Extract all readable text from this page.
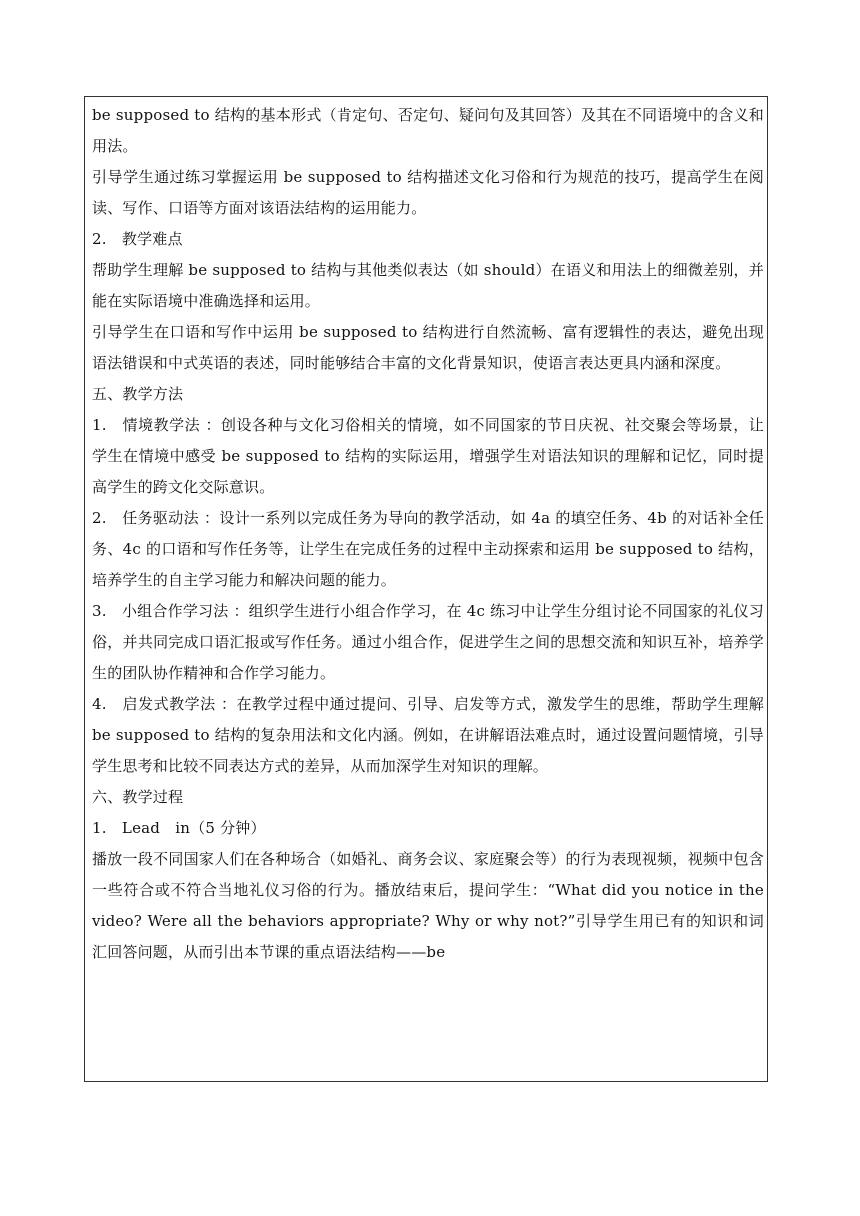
be supposed to 结构的基本形式（肯定句、否定句、疑问句及其回答）及其在不同语境中的含义和用法。

引导学生通过练习掌握运用 be supposed to 结构描述文化习俗和行为规范的技巧，提高学生在阅读、写作、口语等方面对该语法结构的运用能力。

2.　教学难点

帮助学生理解 be supposed to 结构与其他类似表达（如 should）在语义和用法上的细微差别，并能在实际语境中准确选择和运用。

引导学生在口语和写作中运用 be supposed to 结构进行自然流畅、富有逻辑性的表达，避免出现语法错误和中式英语的表述，同时能够结合丰富的文化背景知识，使语言表达更具内涵和深度。

五、教学方法

1.　情境教学法 ：创设各种与文化习俗相关的情境，如不同国家的节日庆祝、社交聚会等场景，让学生在情境中感受 be supposed to 结构的实际运用，增强学生对语法知识的理解和记忆，同时提高学生的跨文化交际意识。

2.　任务驱动法 ：设计一系列以完成任务为导向的教学活动，如 4a 的填空任务、4b 的对话补全任务、4c 的口语和写作任务等，让学生在完成任务的过程中主动探索和运用 be supposed to 结构，培养学生的自主学习能力和解决问题的能力。

3.　小组合作学习法 ：组织学生进行小组合作学习，在 4c 练习中让学生分组讨论不同国家的礼仪习俗，并共同完成口语汇报或写作任务。通过小组合作，促进学生之间的思想交流和知识互补，培养学生的团队协作精神和合作学习能力。

4.　启发式教学法 ：在教学过程中通过提问、引导、启发等方式，激发学生的思维，帮助学生理解 be supposed to 结构的复杂用法和文化内涵。例如，在讲解语法难点时，通过设置问题情境，引导学生思考和比较不同表达方式的差异，从而加深学生对知识的理解。

六、教学过程

1.　Lead　in（5 分钟）

播放一段不同国家人们在各种场合（如婚礼、商务会议、家庭聚会等）的行为表现视频，视频中包含一些符合或不符合当地礼仪习俗的行为。播放结束后，提问学生：“What did you notice in the video? Were all the behaviors appropriate? Why or why not?”引导学生用已有的知识和词汇回答问题，从而引出本节课的重点语法结构——be
